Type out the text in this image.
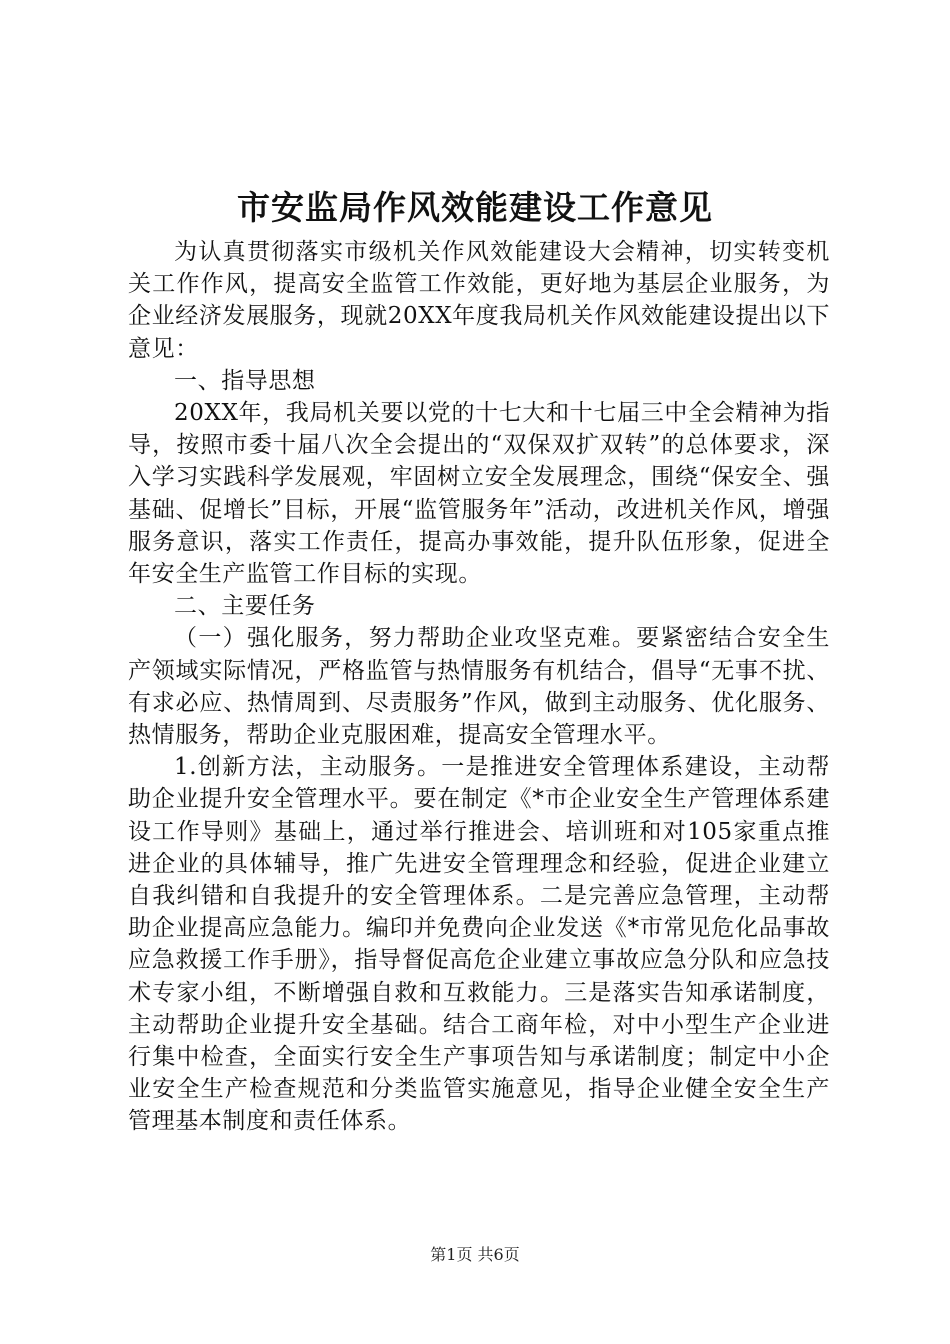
市安监局作风效能建设工作意见

为认真贯彻落实市级机关作风效能建设大会精神，切实转变机关工作作风，提高安全监管工作效能，更好地为基层企业服务，为企业经济发展服务，现就20XX年度我局机关作风效能建设提出以下意见：

一、指导思想

20XX年，我局机关要以党的十七大和十七届三中全会精神为指导，按照市委十届八次全会提出的“双保双扩双转”的总体要求，深入学习实践科学发展观，牢固树立安全发展理念，围绕“保安全、强基础、促增长”目标，开展“监管服务年”活动，改进机关作风，增强服务意识，落实工作责任，提高办事效能，提升队伍形象，促进全年安全生产监管工作目标的实现。

二、主要任务

（一）强化服务，努力帮助企业攻坚克难。要紧密结合安全生产领域实际情况，严格监管与热情服务有机结合，倡导“无事不扰、有求必应、热情周到、尽责服务”作风，做到主动服务、优化服务、热情服务，帮助企业克服困难，提高安全管理水平。

1.创新方法，主动服务。一是推进安全管理体系建设，主动帮助企业提升安全管理水平。要在制定《*市企业安全生产管理体系建设工作导则》基础上，通过举行推进会、培训班和对105家重点推进企业的具体辅导，推广先进安全管理理念和经验，促进企业建立自我纠错和自我提升的安全管理体系。二是完善应急管理，主动帮助企业提高应急能力。编印并免费向企业发送《*市常见危化品事故应急救援工作手册》，指导督促高危企业建立事故应急分队和应急技术专家小组，不断增强自救和互救能力。三是落实告知承诺制度，主动帮助企业提升安全基础。结合工商年检，对中小型生产企业进行集中检查，全面实行安全生产事项告知与承诺制度；制定中小企业安全生产检查规范和分类监管实施意见，指导企业健全安全生产管理基本制度和责任体系。

第1页 共6页
